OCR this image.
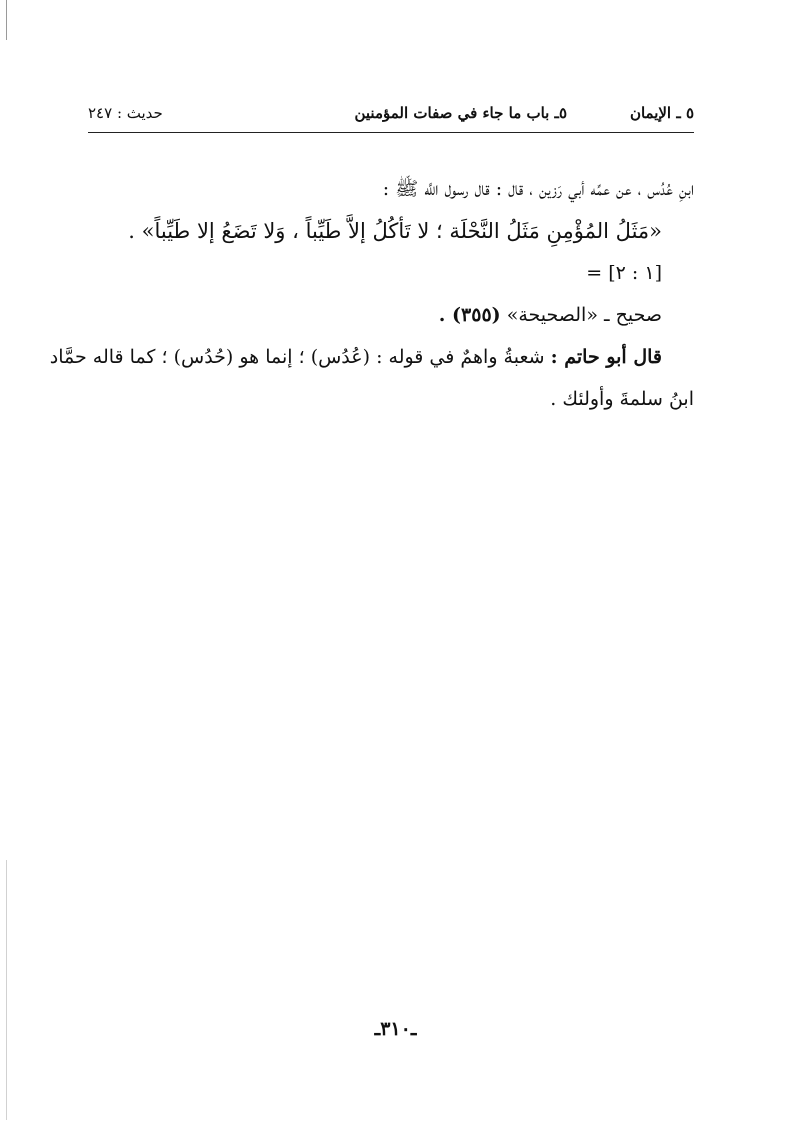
٥ ـ الإيمان
٥ـ باب ما جاء في صفات المؤمنين
حديث : ٢٤٧
ابنِ عُدُس ، عن عمِّه أبي رَزين ، قال : قال رسول اللَّه ﷺ :
«مَثَلُ المُؤْمِنِ مَثَلُ النَّحْلَة ؛ لا تَأكُلُ إلاَّ طَيِّباً ، وَلا تَضَعُ إلا طَيِّباً» .
= [١ : ٢]
صحيح ـ «الصحيحة» (٣٥٥) .
قال أبو حاتم : شعبةُ واهمٌ في قوله : (عُدُس) ؛ إنما هو (حُدُس) ؛ كما قاله حمَّاد
ابنُ سلمةَ وأولئك .
ـ٣١٠ـ
